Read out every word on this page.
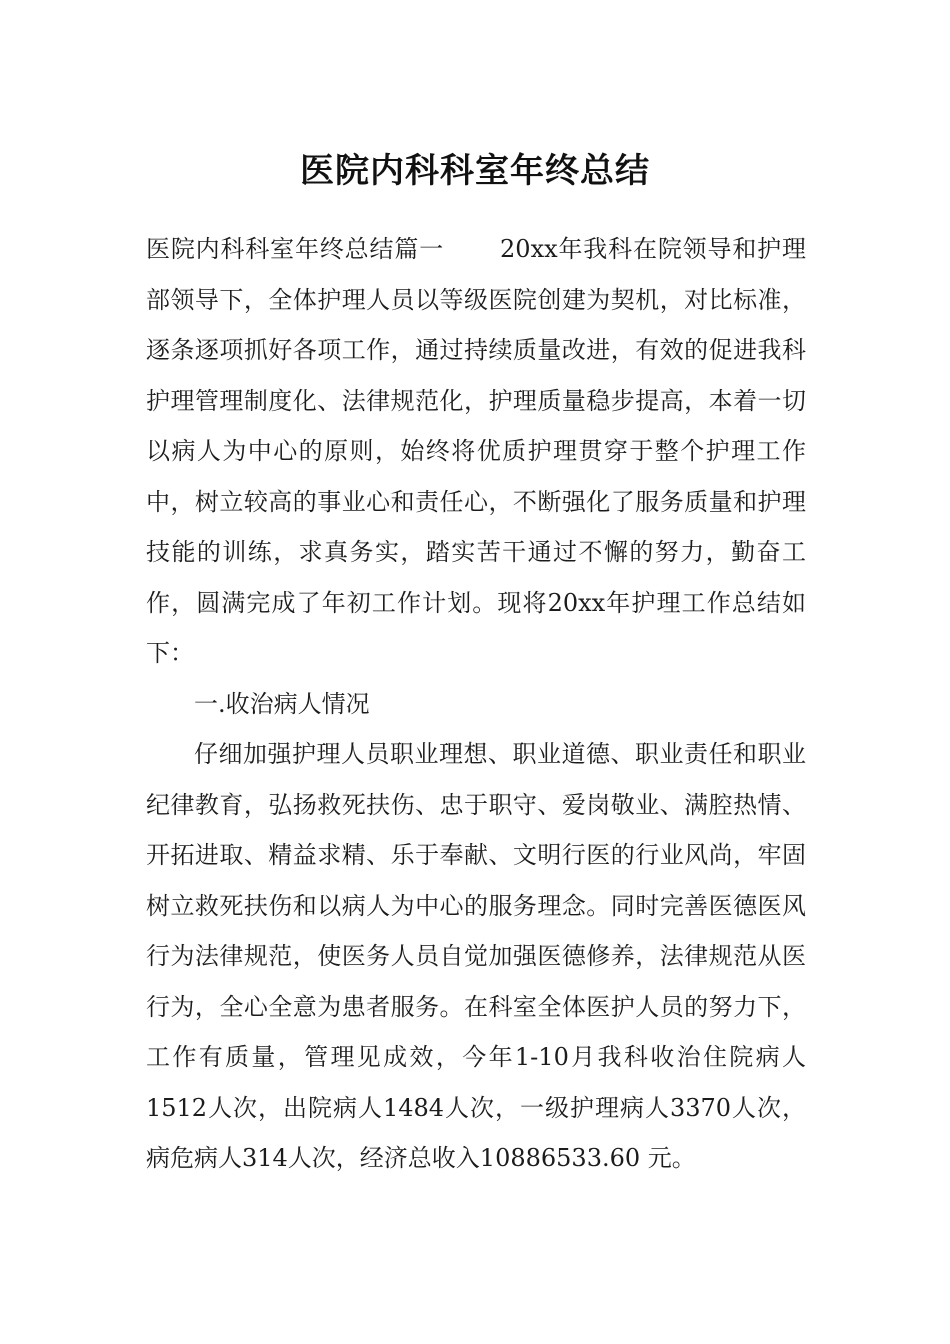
医院内科科室年终总结

医院内科科室年终总结篇一 20xx年我科在院领导和护理部领导下，全体护理人员以等级医院创建为契机，对比标准，逐条逐项抓好各项工作，通过持续质量改进，有效的促进我科护理管理制度化、法律规范化，护理质量稳步提高，本着一切以病人为中心的原则，始终将优质护理贯穿于整个护理工作中，树立较高的事业心和责任心，不断强化了服务质量和护理技能的训练，求真务实，踏实苦干通过不懈的努力，勤奋工作，圆满完成了年初工作计划。现将20xx年护理工作总结如下：

一.收治病人情况

仔细加强护理人员职业理想、职业道德、职业责任和职业纪律教育，弘扬救死扶伤、忠于职守、爱岗敬业、满腔热情、开拓进取、精益求精、乐于奉献、文明行医的行业风尚，牢固树立救死扶伤和以病人为中心的服务理念。同时完善医德医风行为法律规范，使医务人员自觉加强医德修养，法律规范从医行为，全心全意为患者服务。在科室全体医护人员的努力下，工作有质量，管理见成效，今年1-10月我科收治住院病人1512人次，出院病人1484人次，一级护理病人3370人次，病危病人314人次，经济总收入10886533.60 元。
